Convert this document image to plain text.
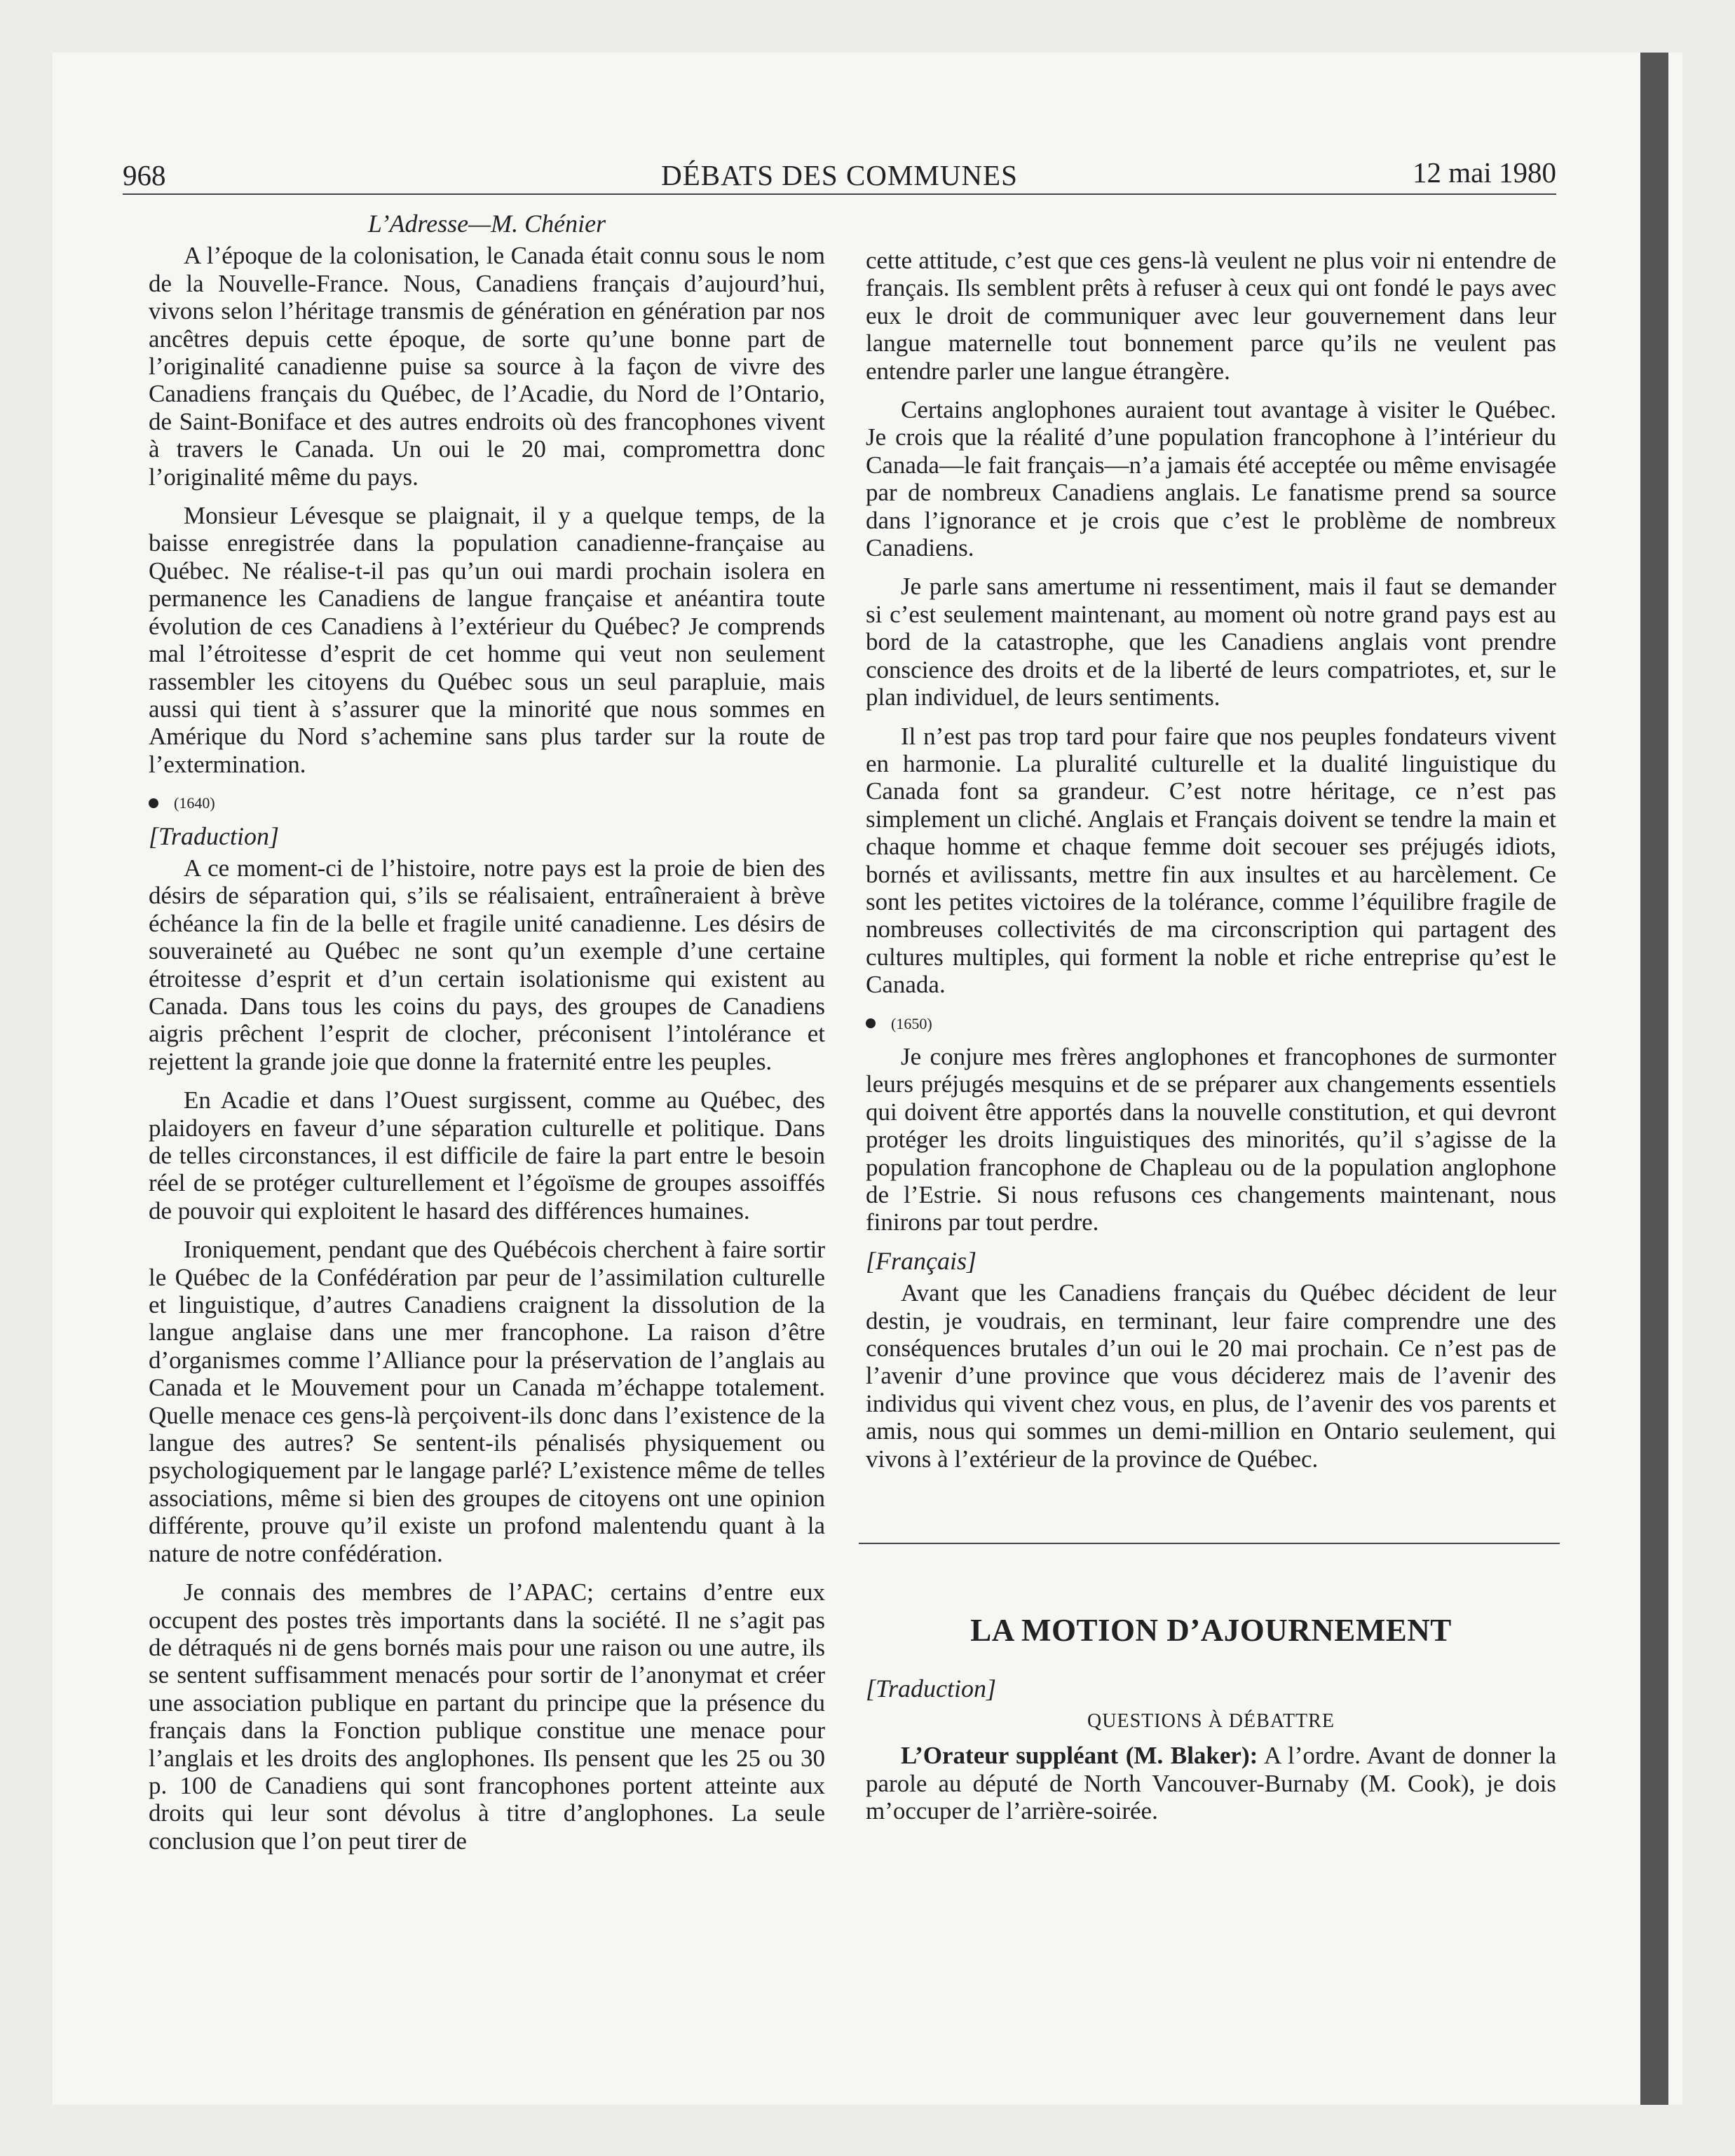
968	DÉBATS DES COMMUNES	12 mai 1980
L’Adresse—M. Chénier

A l’époque de la colonisation, le Canada était connu sous le nom de la Nouvelle-France. Nous, Canadiens français d’aujourd’hui, vivons selon l’héritage transmis de génération en génération par nos ancêtres depuis cette époque, de sorte qu’une bonne part de l’originalité canadienne puise sa source à la façon de vivre des Canadiens français du Québec, de l’Acadie, du Nord de l’Ontario, de Saint-Boniface et des autres endroits où des francophones vivent à travers le Canada. Un oui le 20 mai, compromettra donc l’originalité même du pays.

Monsieur Lévesque se plaignait, il y a quelque temps, de la baisse enregistrée dans la population canadienne-française au Québec. Ne réalise-t-il pas qu’un oui mardi prochain isolera en permanence les Canadiens de langue française et anéantira toute évolution de ces Canadiens à l’extérieur du Québec? Je comprends mal l’étroitesse d’esprit de cet homme qui veut non seulement rassembler les citoyens du Québec sous un seul parapluie, mais aussi qui tient à s’assurer que la minorité que nous sommes en Amérique du Nord s’achemine sans plus tarder sur la route de l’extermination.

(1640)
[Traduction]

A ce moment-ci de l’histoire, notre pays est la proie de bien des désirs de séparation qui, s’ils se réalisaient, entraîneraient à brève échéance la fin de la belle et fragile unité canadienne. Les désirs de souveraineté au Québec ne sont qu’un exemple d’une certaine étroitesse d’esprit et d’un certain isolationisme qui existent au Canada. Dans tous les coins du pays, des groupes de Canadiens aigris prêchent l’esprit de clocher, préconisent l’intolérance et rejettent la grande joie que donne la fraternité entre les peuples.

En Acadie et dans l’Ouest surgissent, comme au Québec, des plaidoyers en faveur d’une séparation culturelle et politique. Dans de telles circonstances, il est difficile de faire la part entre le besoin réel de se protéger culturellement et l’égoïsme de groupes assoiffés de pouvoir qui exploitent le hasard des différences humaines.

Ironiquement, pendant que des Québécois cherchent à faire sortir le Québec de la Confédération par peur de l’assimilation culturelle et linguistique, d’autres Canadiens craignent la dissolution de la langue anglaise dans une mer francophone. La raison d’être d’organismes comme l’Alliance pour la préservation de l’anglais au Canada et le Mouvement pour un Canada m’échappe totalement. Quelle menace ces gens-là perçoivent-ils donc dans l’existence de la langue des autres? Se sentent-ils pénalisés physiquement ou psychologiquement par le langage parlé? L’existence même de telles associations, même si bien des groupes de citoyens ont une opinion différente, prouve qu’il existe un profond malentendu quant à la nature de notre confédération.

Je connais des membres de l’APAC; certains d’entre eux occupent des postes très importants dans la société. Il ne s’agit pas de détraqués ni de gens bornés mais pour une raison ou une autre, ils se sentent suffisamment menacés pour sortir de l’anonymat et créer une association publique en partant du principe que la présence du français dans la Fonction publique constitue une menace pour l’anglais et les droits des anglophones. Ils pensent que les 25 ou 30 p. 100 de Canadiens qui sont francophones portent atteinte aux droits qui leur sont dévolus à titre d’anglophones. La seule conclusion que l’on peut tirer de

cette attitude, c’est que ces gens-là veulent ne plus voir ni entendre de français. Ils semblent prêts à refuser à ceux qui ont fondé le pays avec eux le droit de communiquer avec leur gouvernement dans leur langue maternelle tout bonnement parce qu’ils ne veulent pas entendre parler une langue étrangère.

Certains anglophones auraient tout avantage à visiter le Québec. Je crois que la réalité d’une population francophone à l’intérieur du Canada—le fait français—n’a jamais été acceptée ou même envisagée par de nombreux Canadiens anglais. Le fanatisme prend sa source dans l’ignorance et je crois que c’est le problème de nombreux Canadiens.

Je parle sans amertume ni ressentiment, mais il faut se demander si c’est seulement maintenant, au moment où notre grand pays est au bord de la catastrophe, que les Canadiens anglais vont prendre conscience des droits et de la liberté de leurs compatriotes, et, sur le plan individuel, de leurs sentiments.

Il n’est pas trop tard pour faire que nos peuples fondateurs vivent en harmonie. La pluralité culturelle et la dualité linguistique du Canada font sa grandeur. C’est notre héritage, ce n’est pas simplement un cliché. Anglais et Français doivent se tendre la main et chaque homme et chaque femme doit secouer ses préjugés idiots, bornés et avilissants, mettre fin aux insultes et au harcèlement. Ce sont les petites victoires de la tolérance, comme l’équilibre fragile de nombreuses collectivités de ma circonscription qui partagent des cultures multiples, qui forment la noble et riche entreprise qu’est le Canada.

(1650)

Je conjure mes frères anglophones et francophones de surmonter leurs préjugés mesquins et de se préparer aux changements essentiels qui doivent être apportés dans la nouvelle constitution, et qui devront protéger les droits linguistiques des minorités, qu’il s’agisse de la population francophone de Chapleau ou de la population anglophone de l’Estrie. Si nous refusons ces changements maintenant, nous finirons par tout perdre.

[Français]

Avant que les Canadiens français du Québec décident de leur destin, je voudrais, en terminant, leur faire comprendre une des conséquences brutales d’un oui le 20 mai prochain. Ce n’est pas de l’avenir d’une province que vous déciderez mais de l’avenir des individus qui vivent chez vous, en plus, de l’avenir des vos parents et amis, nous qui sommes un demi-million en Ontario seulement, qui vivons à l’extérieur de la province de Québec.

LA MOTION D’AJOURNEMENT
[Traduction]
QUESTIONS À DÉBATTRE

L’Orateur suppléant (M. Blaker): A l’ordre. Avant de donner la parole au député de North Vancouver-Burnaby (M. Cook), je dois m’occuper de l’arrière-soirée.
